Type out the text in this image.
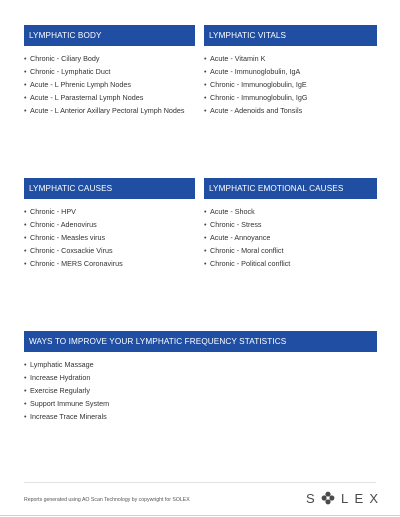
LYMPHATIC BODY
• Chronic - Ciliary Body
• Chronic - Lymphatic Duct
• Acute - L Phrenic Lymph Nodes
• Acute - L Parasternal Lymph Nodes
• Acute - L Anterior Axillary Pectoral Lymph Nodes
LYMPHATIC VITALS
• Acute - Vitamin K
• Acute - Immunoglobulin, IgA
• Chronic - Immunoglobulin, IgE
• Chronic - Immunoglobulin, IgG
• Acute - Adenoids and Tonsils
LYMPHATIC CAUSES
• Chronic - HPV
• Chronic - Adenovirus
• Chronic - Measles virus
• Chronic - Coxsackie Virus
• Chronic - MERS Coronavirus
LYMPHATIC EMOTIONAL CAUSES
• Acute - Shock
• Chronic - Stress
• Acute - Annoyance
• Chronic - Moral conflict
• Chronic - Political conflict
WAYS TO IMPROVE YOUR LYMPHATIC FREQUENCY STATISTICS
• Lymphatic Massage
• Increase Hydration
• Exercise Regularly
• Support Immune System
• Increase Trace Minerals
Reports generated using AO Scan Technology by copywright for SOLEX	S L E X
